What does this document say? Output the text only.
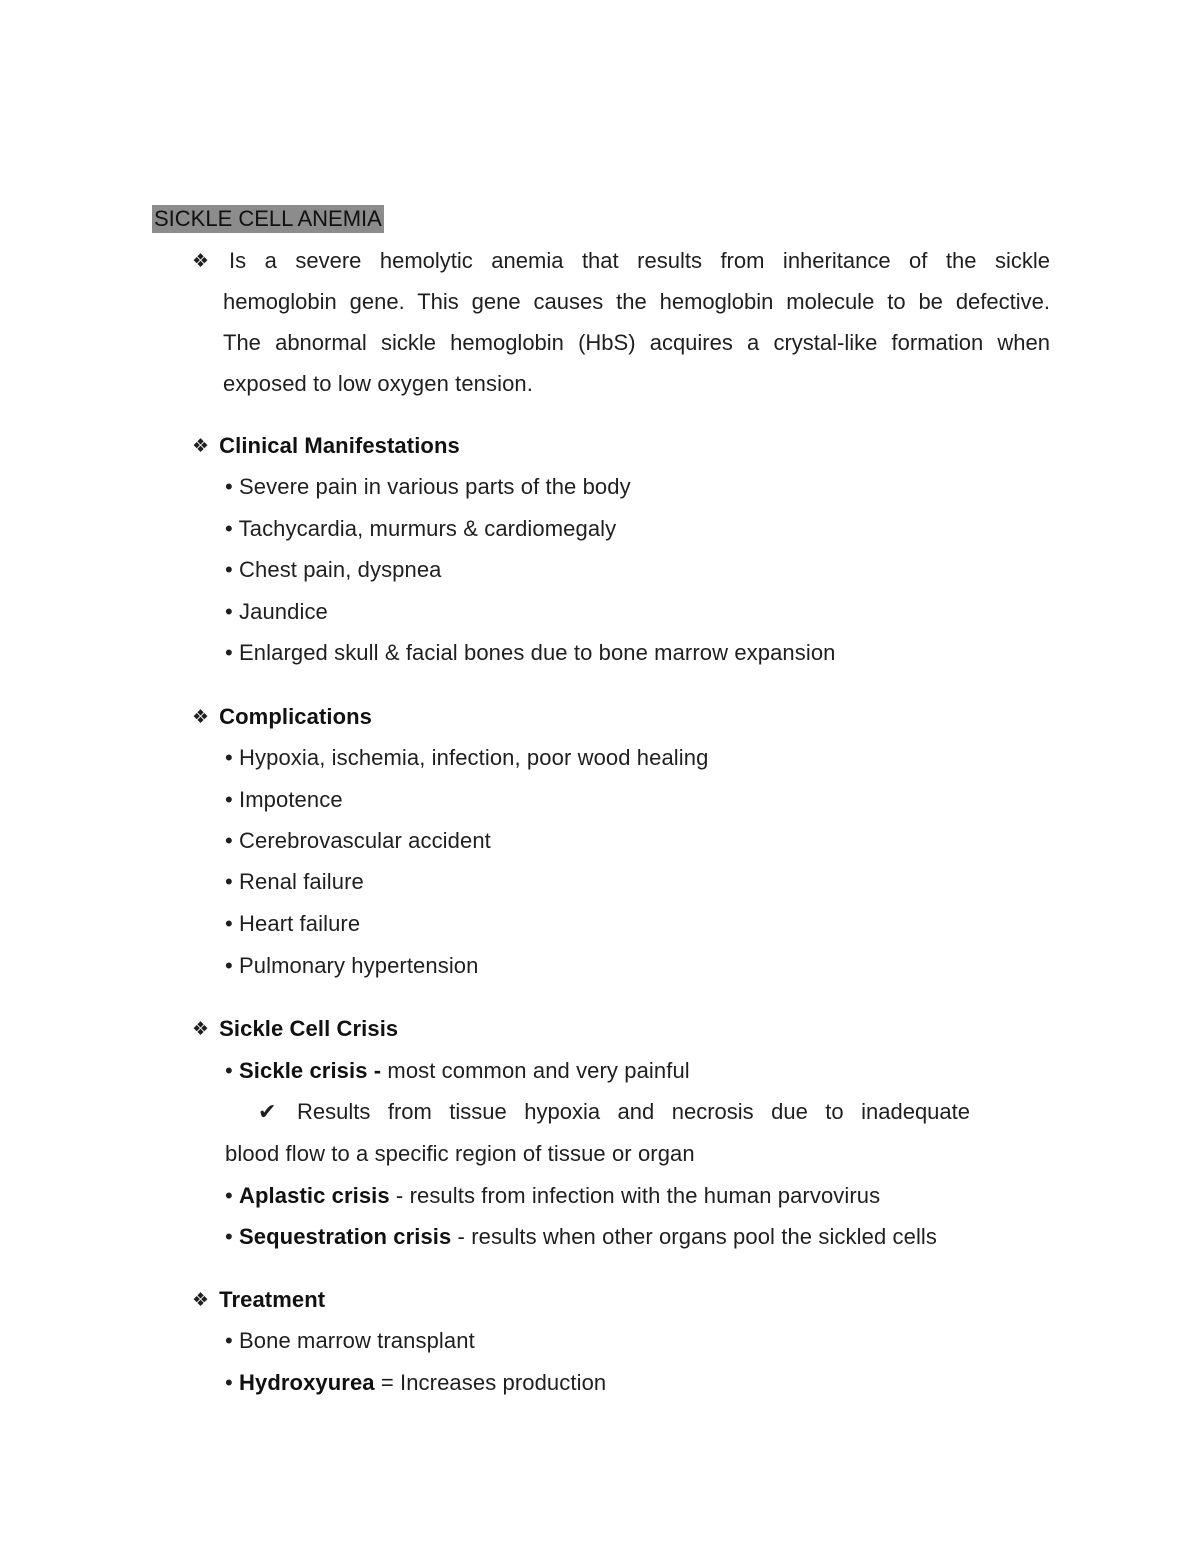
SICKLE CELL ANEMIA
❖ Is a severe hemolytic anemia that results from inheritance of the sickle
hemoglobin gene. This gene causes the hemoglobin molecule to be defective.
The abnormal sickle hemoglobin (HbS) acquires a crystal-like formation when
exposed to low oxygen tension.
❖ Clinical Manifestations
• Severe pain in various parts of the body
• Tachycardia, murmurs & cardiomegaly
• Chest pain, dyspnea
• Jaundice
• Enlarged skull & facial bones due to bone marrow expansion
❖ Complications
• Hypoxia, ischemia, infection, poor wood healing
• Impotence
• Cerebrovascular accident
• Renal failure
• Heart failure
• Pulmonary hypertension
❖ Sickle Cell Crisis
• Sickle crisis - most common and very painful
✔ Results from tissue hypoxia and necrosis due to inadequate
blood flow to a specific region of tissue or organ
• Aplastic crisis - results from infection with the human parvovirus
• Sequestration crisis - results when other organs pool the sickled cells
❖ Treatment
• Bone marrow transplant
• Hydroxyurea = Increases production
